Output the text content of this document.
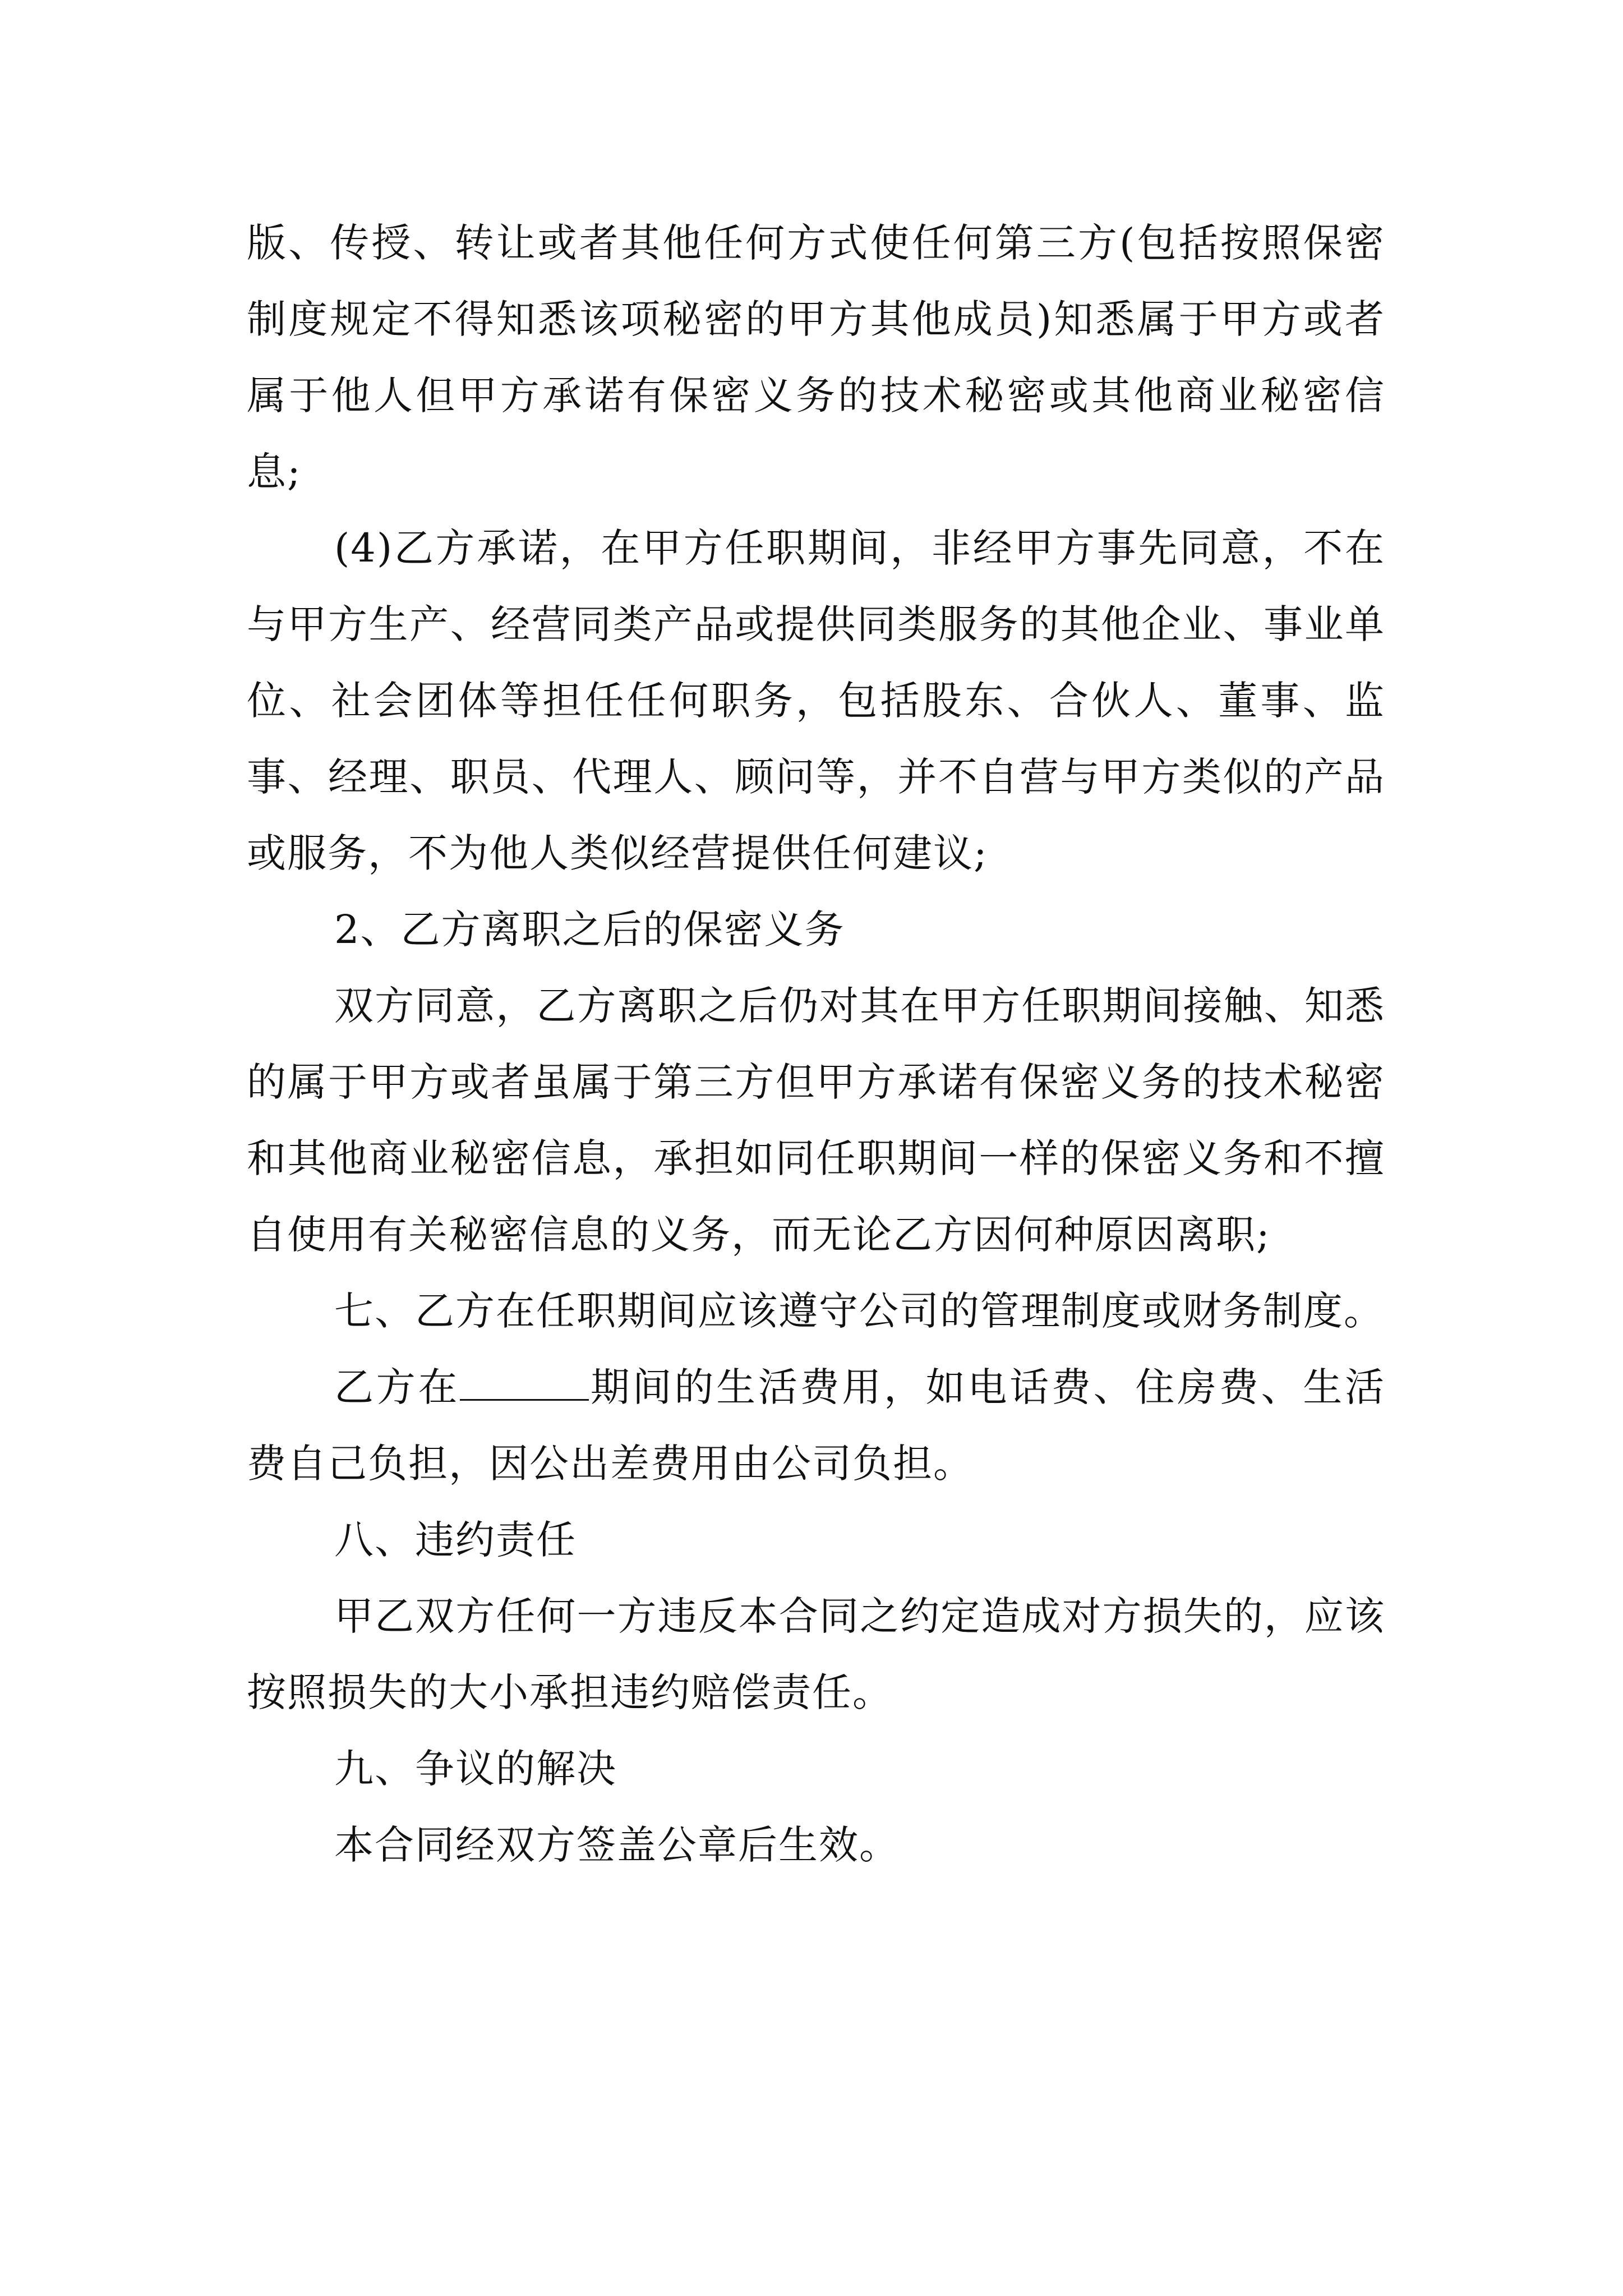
版、传授、转让或者其他任何方式使任何第三方(包括按照保密制度规定不得知悉该项秘密的甲方其他成员)知悉属于甲方或者属于他人但甲方承诺有保密义务的技术秘密或其他商业秘密信息;

(4)乙方承诺，在甲方任职期间，非经甲方事先同意，不在与甲方生产、经营同类产品或提供同类服务的其他企业、事业单位、社会团体等担任任何职务，包括股东、合伙人、董事、监事、经理、职员、代理人、顾问等，并不自营与甲方类似的产品或服务，不为他人类似经营提供任何建议;

2、乙方离职之后的保密义务

双方同意，乙方离职之后仍对其在甲方任职期间接触、知悉的属于甲方或者虽属于第三方但甲方承诺有保密义务的技术秘密和其他商业秘密信息，承担如同任职期间一样的保密义务和不擅自使用有关秘密信息的义务，而无论乙方因何种原因离职;

七、乙方在任职期间应该遵守公司的管理制度或财务制度。

乙方在	期间的生活费用，如电话费、住房费、生活费自己负担，因公出差费用由公司负担。

八、违约责任

甲乙双方任何一方违反本合同之约定造成对方损失的，应该按照损失的大小承担违约赔偿责任。

九、争议的解决

本合同经双方签盖公章后生效。
